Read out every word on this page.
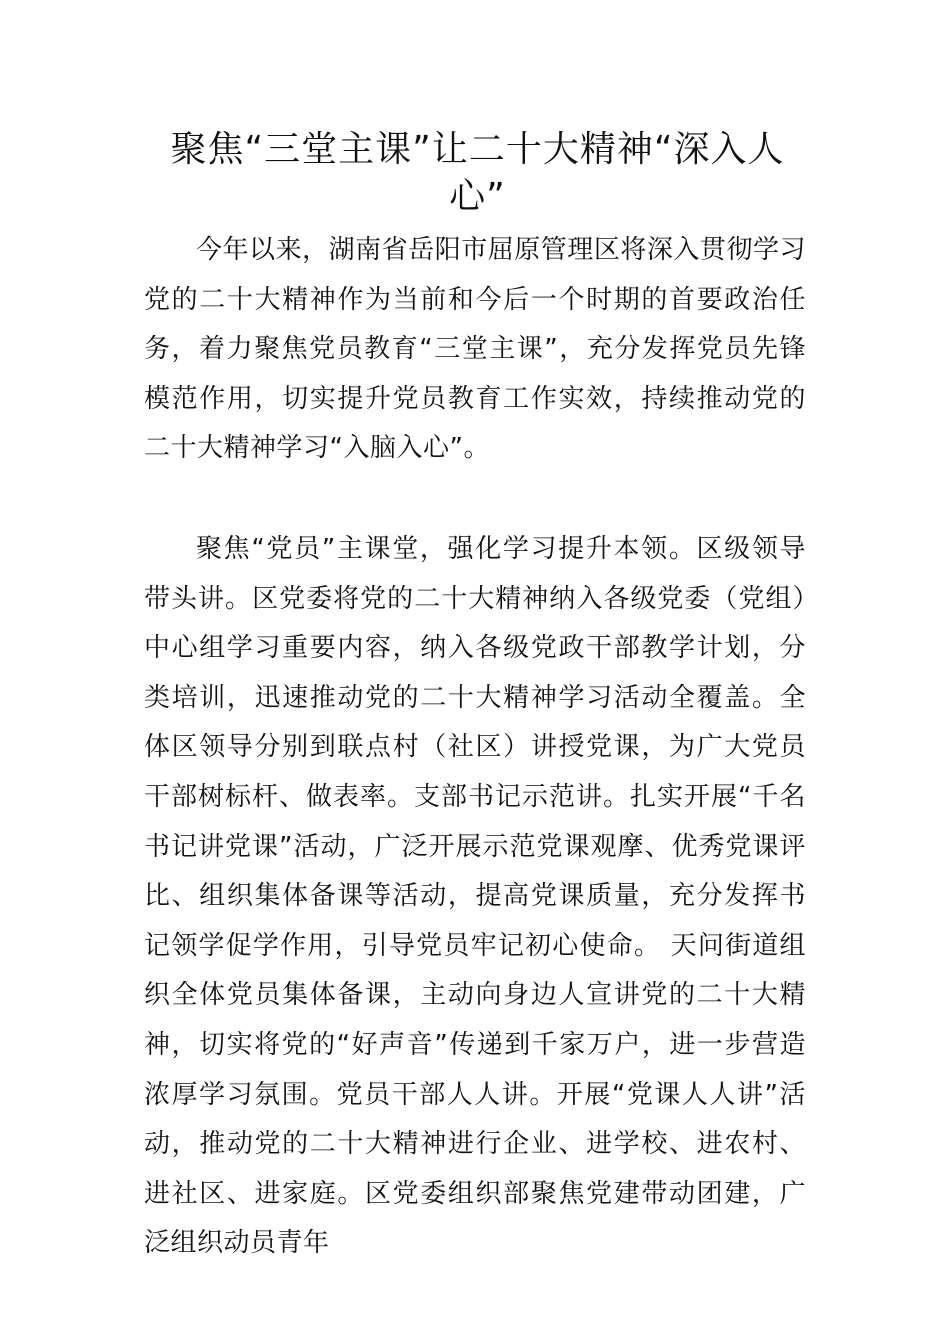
聚焦“三堂主课”让二十大精神“深入人心”

今年以来，湖南省岳阳市屈原管理区将深入贯彻学习党的二十大精神作为当前和今后一个时期的首要政治任务，着力聚焦党员教育“三堂主课”，充分发挥党员先锋模范作用，切实提升党员教育工作实效，持续推动党的二十大精神学习“入脑入心”。

聚焦“党员”主课堂，强化学习提升本领。区级领导带头讲。区党委将党的二十大精神纳入各级党委（党组）中心组学习重要内容，纳入各级党政干部教学计划，分类培训，迅速推动党的二十大精神学习活动全覆盖。全体区领导分别到联点村（社区）讲授党课，为广大党员干部树标杆、做表率。支部书记示范讲。扎实开展“千名书记讲党课”活动，广泛开展示范党课观摩、优秀党课评比、组织集体备课等活动，提高党课质量，充分发挥书记领学促学作用，引导党员牢记初心使命。 天问街道组织全体党员集体备课，主动向身边人宣讲党的二十大精神，切实将党的“好声音”传递到千家万户，进一步营造浓厚学习氛围。党员干部人人讲。开展“党课人人讲”活动，推动党的二十大精神进行企业、进学校、进农村、进社区、进家庭。区党委组织部聚焦党建带动团建，广泛组织动员青年
